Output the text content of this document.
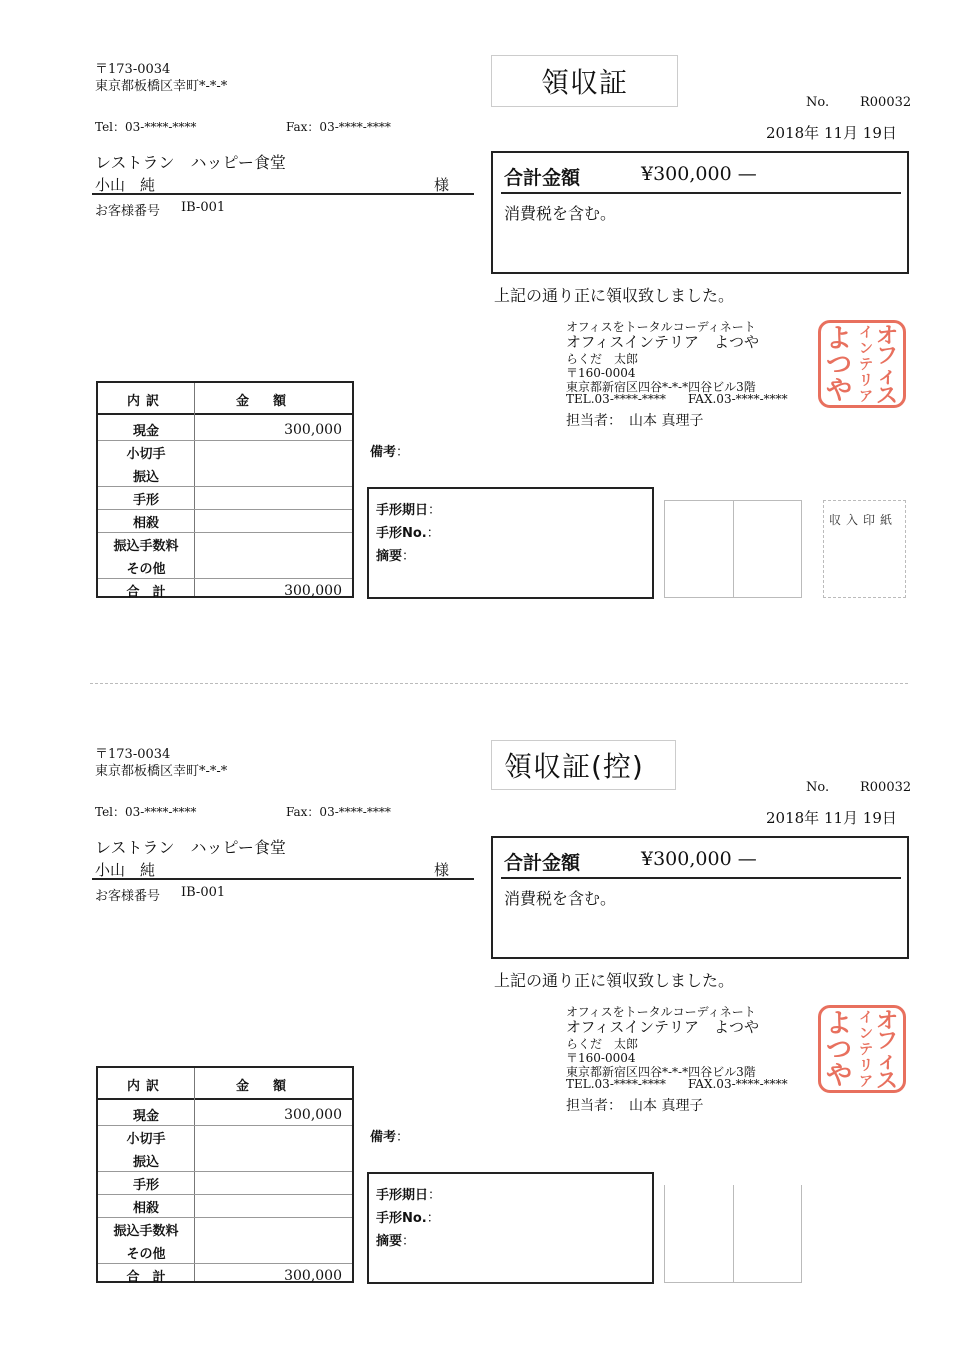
〒173-0034
東京都板橋区幸町*-*-*
Tel：03-****-****	Fax：03-****-****
領収証
No. R00032
2018年 11月 19日
レストラン　ハッピー食堂
小山　純	様
お客様番号 IB-001
合計金額	¥300,000 —
消費税を含む。
上記の通り正に領収致しました。
オフィスをトータルコーディネート
オフィスインテリア　よつや
らくだ　太郎
〒160-0004
東京都新宿区四谷*-*-*四谷ビル3階
TEL.03-****-**** FAX.03-****-****
担当者： 山本 真理子
オ
フ
ィ
ス
イ
ン
テ
リ
ア
よ
つ
や
内訳	金額
現金	300,000
小切手
振込
手形
相殺
振込手数料
その他
合　計	300,000
備考：
手形期日：
手形No.：
摘要：
収入印紙
〒173-0034
東京都板橋区幸町*-*-*
Tel：03-****-****	Fax：03-****-****
領収証(控)
No. R00032
2018年 11月 19日
レストラン　ハッピー食堂
小山　純	様
お客様番号 IB-001
合計金額	¥300,000 —
消費税を含む。
上記の通り正に領収致しました。
オフィスをトータルコーディネート
オフィスインテリア　よつや
らくだ　太郎
〒160-0004
東京都新宿区四谷*-*-*四谷ビル3階
TEL.03-****-**** FAX.03-****-****
担当者： 山本 真理子
オ
フ
ィ
ス
イ
ン
テ
リ
ア
よ
つ
や
内訳	金額
現金	300,000
小切手
振込
手形
相殺
振込手数料
その他
合　計	300,000
備考：
手形期日：
手形No.：
摘要：
